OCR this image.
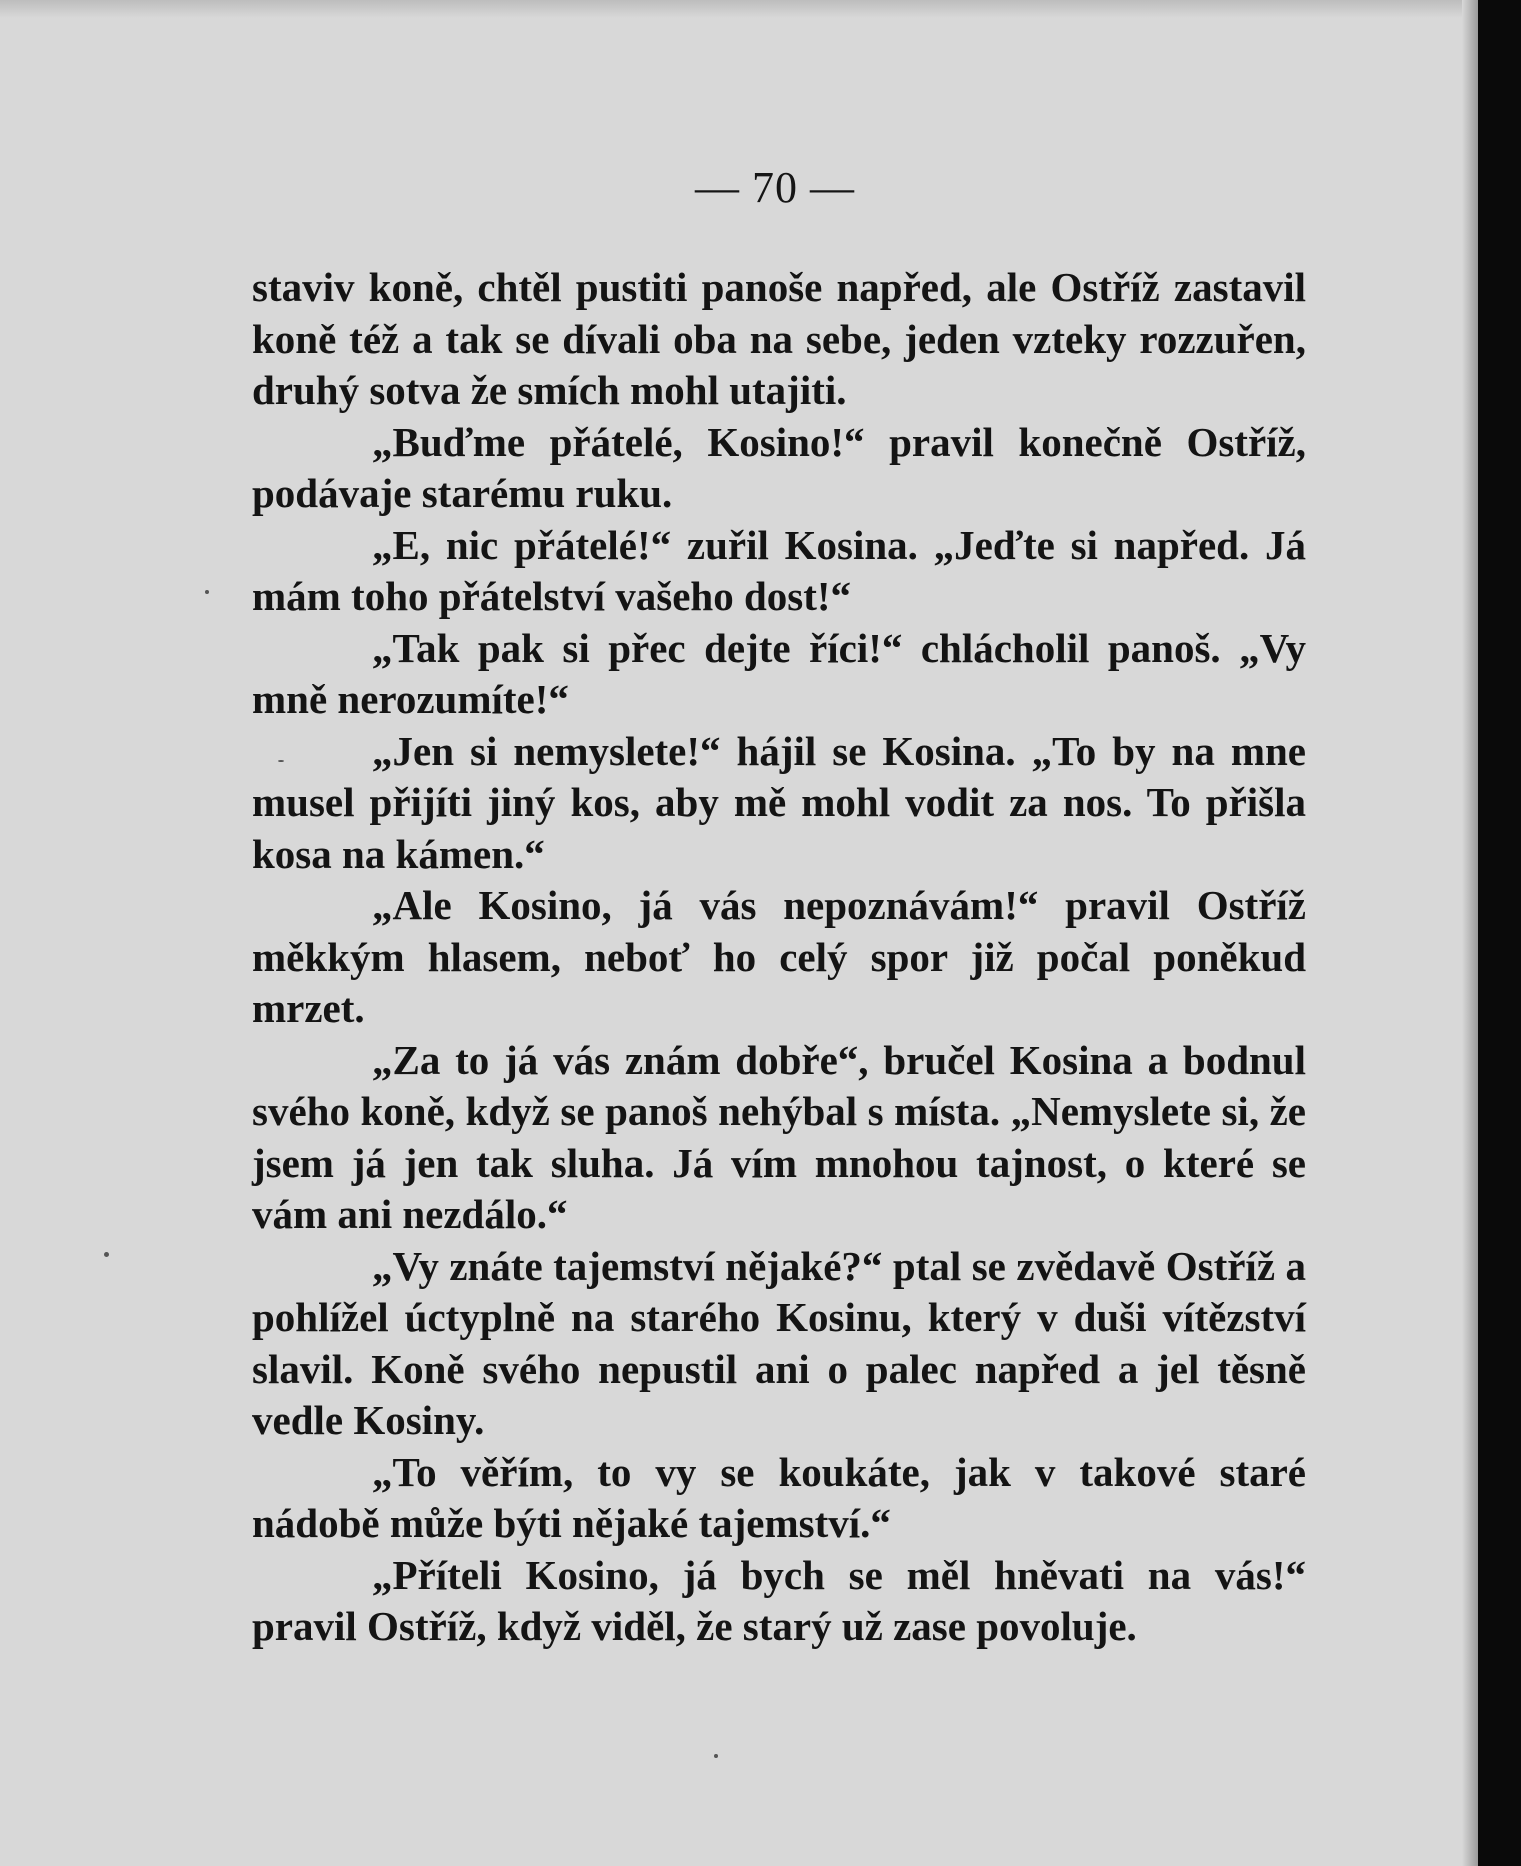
— 70 —

staviv koně, chtěl pustiti panoše napřed, ale Ostříž zastavil koně též a tak se dívali oba na sebe, jeden vzteky rozzuřen, druhý sotva že smích mohl utajiti.

„Buďme přátelé, Kosino!“ pravil konečně Ostříž, podávaje starému ruku.

„E, nic přátelé!“ zuřil Kosina. „Jeďte si napřed. Já mám toho přátelství vašeho dost!“

„Tak pak si přec dejte říci!“ chlácholil panoš. „Vy mně nerozumíte!“

„Jen si nemyslete!“ hájil se Kosina. „To by na mne musel přijíti jiný kos, aby mě mohl vodit za nos. To přišla kosa na kámen.“

„Ale Kosino, já vás nepoznávám!“ pravil Ostříž měkkým hlasem, neboť ho celý spor již počal poněkud mrzet.

„Za to já vás znám dobře“, bručel Kosina a bodnul svého koně, když se panoš nehýbal s místa. „Nemyslete si, že jsem já jen tak sluha. Já vím mnohou tajnost, o které se vám ani nezdálo.“

„Vy znáte tajemství nějaké?“ ptal se zvědavě Ostříž a pohlížel úctyplně na starého Kosinu, který v duši vítězství slavil. Koně svého nepustil ani o palec napřed a jel těsně vedle Kosiny.

„To věřím, to vy se koukáte, jak v takové staré nádobě může býti nějaké tajemství.“

„Příteli Kosino, já bych se měl hněvati na vás!“ pravil Ostříž, když viděl, že starý už zase povoluje.
